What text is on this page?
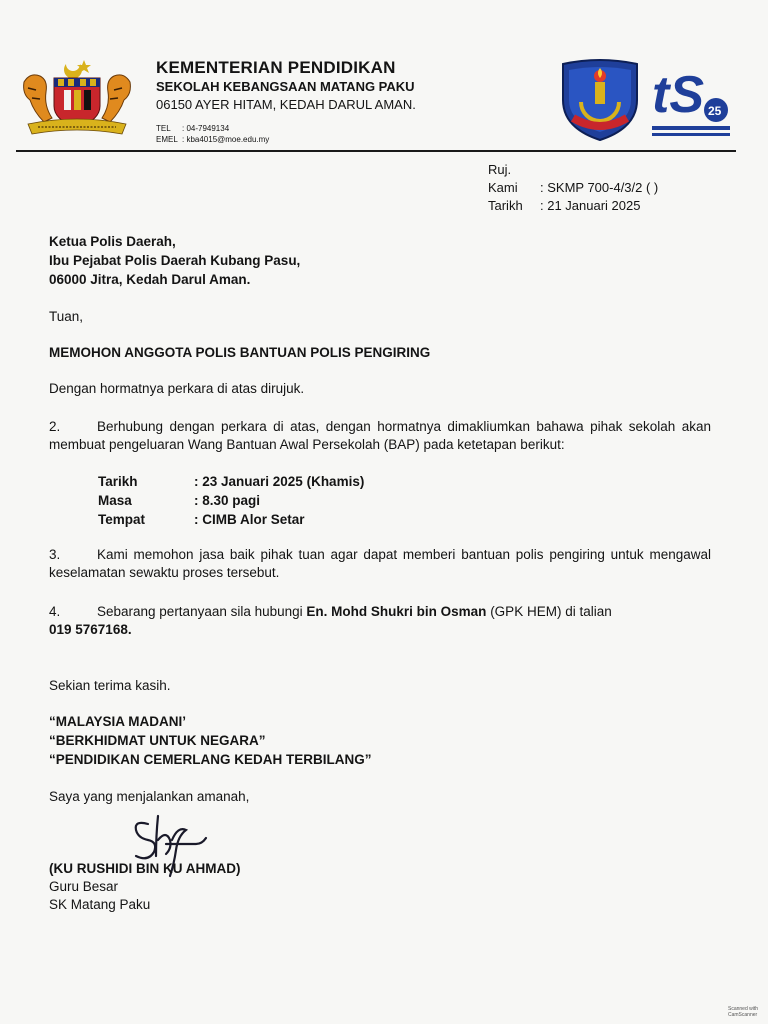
KEMENTERIAN PENDIDIKAN

SEKOLAH KEBANGSAAN MATANG PAKU

06150 AYER HITAM, KEDAH DARUL AMAN.

TEL : 04-7949134
EMEL : kba4015@moe.edu.my
tS 25
Ruj. Kami : SKMP 700-4/3/2 ( )
Tarikh : 21 Januari 2025
Ketua Polis Daerah,
Ibu Pejabat Polis Daerah Kubang Pasu,
06000 Jitra, Kedah Darul Aman.
Tuan,
MEMOHON ANGGOTA POLIS BANTUAN POLIS PENGIRING
Dengan hormatnya perkara di atas dirujuk.
2.	Berhubung dengan perkara di atas, dengan hormatnya dimakliumkan bahawa pihak sekolah akan membuat pengeluaran Wang Bantuan Awal Persekolah (BAP) pada ketetapan berikut:
Tarikh	: 23 Januari 2025 (Khamis)
Masa	: 8.30 pagi
Tempat	: CIMB Alor Setar
3.	Kami memohon jasa baik pihak tuan agar dapat memberi bantuan polis pengiring untuk mengawal keselamatan sewaktu proses tersebut.
4.	Sebarang pertanyaan sila hubungi En. Mohd Shukri bin Osman (GPK HEM) di talian
019 5767168.
Sekian terima kasih.
“MALAYSIA MADANI’
“BERKHIDMAT UNTUK NEGARA”
“PENDIDIKAN CEMERLANG KEDAH TERBILANG”
Saya yang menjalankan amanah,
(KU RUSHIDI BIN KU AHMAD)
Guru Besar
SK Matang Paku
Scanned with CamScanner
